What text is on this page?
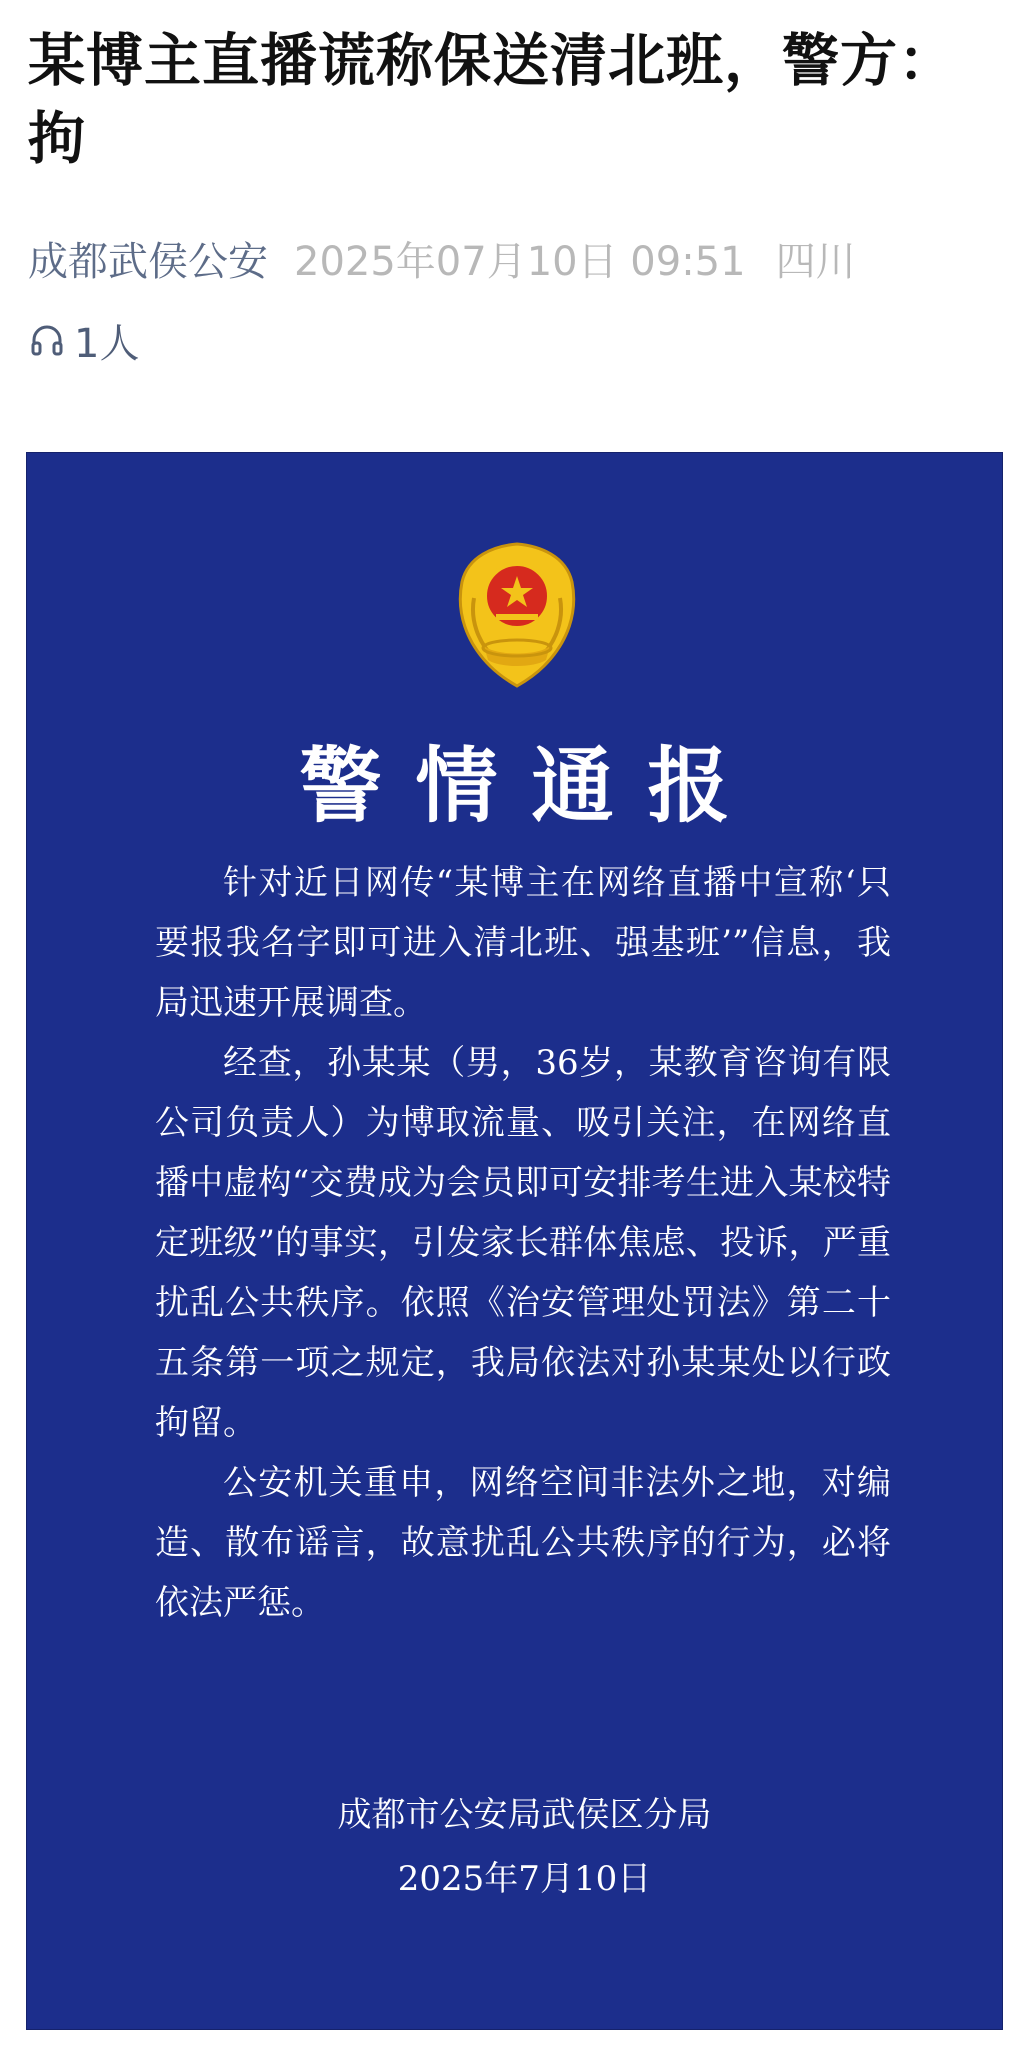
某博主直播谎称保送清北班，警方：拘
成都武侯公安 2025年07月10日 09:51 四川
1人
警情通报

针对近日网传“某博主在网络直播中宣称‘只要报我名字即可进入清北班、强基班’”信息，我局迅速开展调查。

经查，孙某某（男，36岁，某教育咨询有限公司负责人）为博取流量、吸引关注，在网络直播中虚构“交费成为会员即可安排考生进入某校特定班级”的事实，引发家长群体焦虑、投诉，严重扰乱公共秩序。依照《治安管理处罚法》第二十五条第一项之规定，我局依法对孙某某处以行政拘留。

公安机关重申，网络空间非法外之地，对编造、散布谣言，故意扰乱公共秩序的行为，必将依法严惩。

成都市公安局武侯区分局
2025年7月10日
